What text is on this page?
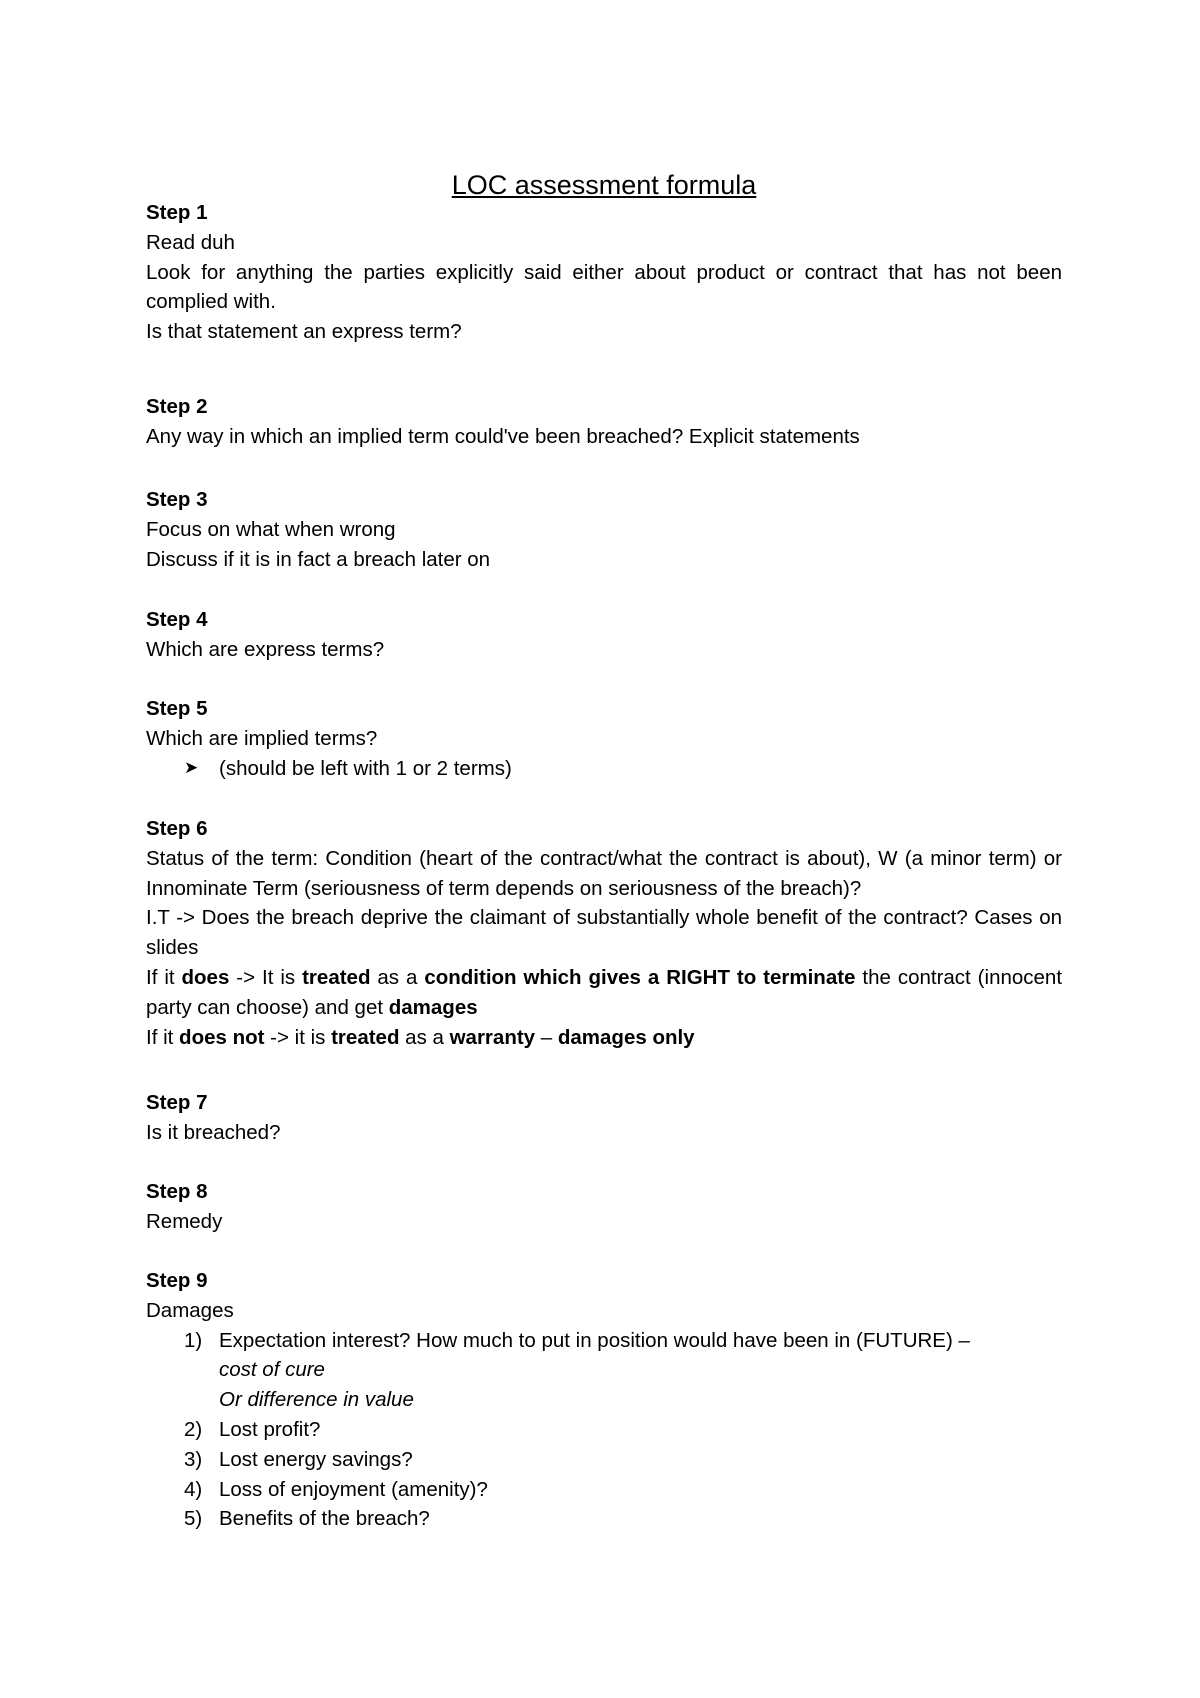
LOC assessment formula
Step 1
Read duh
Look for anything the parties explicitly said either about product or contract that has not been complied with.
Is that statement an express term?
Step 2
Any way in which an implied term could've been breached? Explicit statements
Step 3
Focus on what when wrong
Discuss if it is in fact a breach later on
Step 4
Which are express terms?
Step 5
Which are implied terms?
➤ (should be left with 1 or 2 terms)
Step 6
Status of the term: Condition (heart of the contract/what the contract is about), W (a minor term) or Innominate Term (seriousness of term depends on seriousness of the breach)?
I.T -> Does the breach deprive the claimant of substantially whole benefit of the contract? Cases on slides
If it does -> It is treated as a condition which gives a RIGHT to terminate the contract (innocent party can choose) and get damages
If it does not -> it is treated as a warranty – damages only
Step 7
Is it breached?
Step 8
Remedy
Step 9
Damages
1) Expectation interest? How much to put in position would have been in (FUTURE) –
cost of cure
Or difference in value
2) Lost profit?
3) Lost energy savings?
4) Loss of enjoyment (amenity)?
5) Benefits of the breach?
